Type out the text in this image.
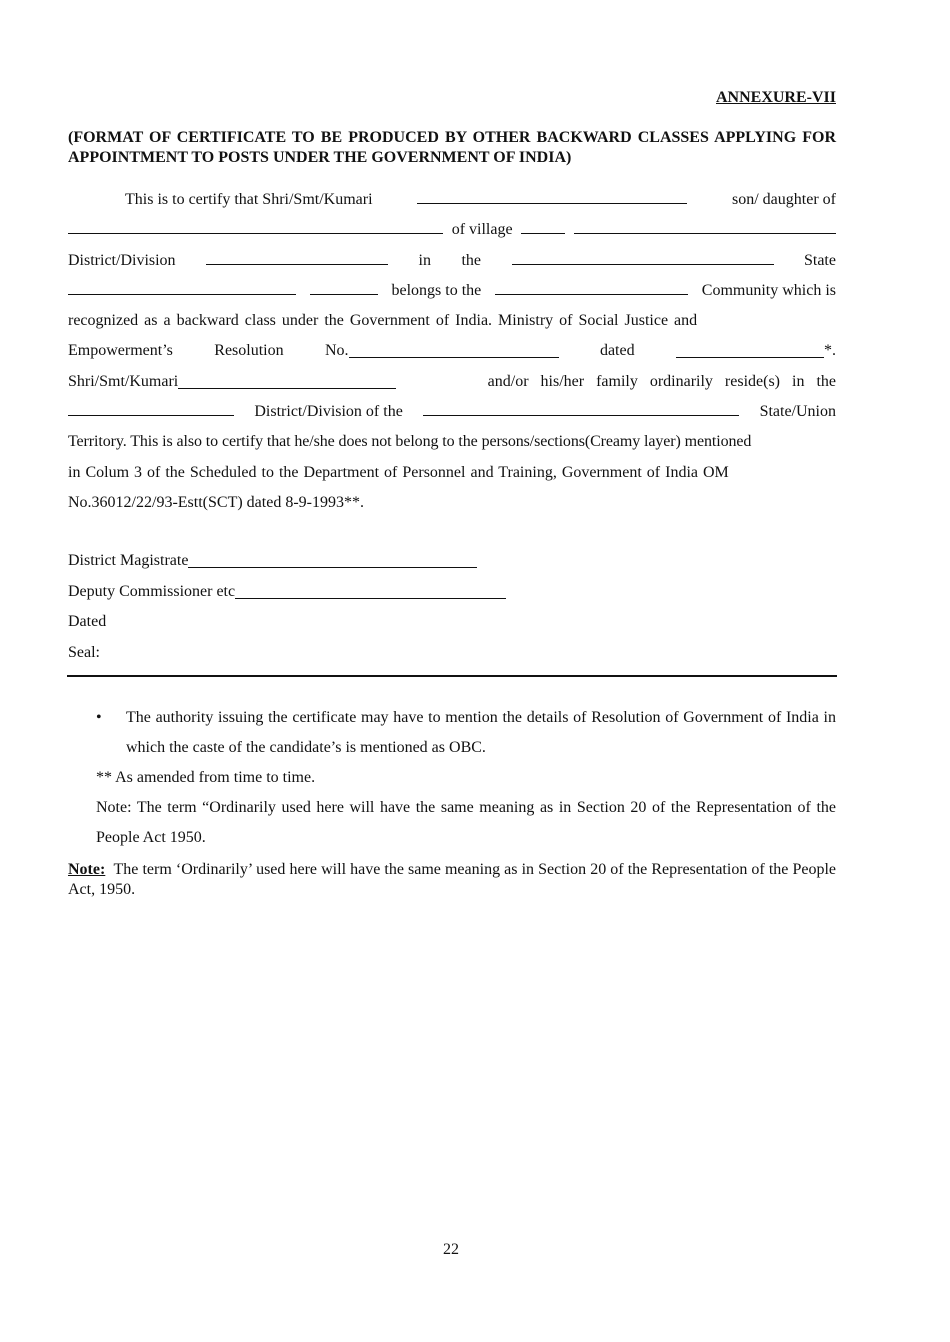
ANNEXURE-VII
(FORMAT OF CERTIFICATE TO BE PRODUCED BY OTHER BACKWARD CLASSES APPLYING FOR APPOINTMENT TO POSTS UNDER THE GOVERNMENT OF INDIA)
This is to certify that Shri/Smt/Kumari	son/ daughter of
of village
District/Division	in the	State
belongs to the	Community which is
recognized as a backward class under the Government of India. Ministry of Social Justice and
Empowerment’s	Resolution	No.	dated	*.
Shri/Smt/Kumari	and/or his/her family ordinarily reside(s) in the
District/Division of the	State/Union
Territory. This is also to certify that he/she does not belong to the persons/sections(Creamy layer) mentioned
in Colum 3 of the Scheduled to the Department of Personnel and Training, Government of India OM
No.36012/22/93-Estt(SCT) dated 8-9-1993**.
District Magistrate
Deputy Commissioner etc
Dated
Seal:
• The authority issuing the certificate may have to mention the details of Resolution of Government of India in which the caste of the candidate’s is mentioned as OBC.
** As amended from time to time.
Note: The term “Ordinarily used here will have the same meaning as in Section 20 of the Representation of the People Act 1950.
Note: The term ‘Ordinarily’ used here will have the same meaning as in Section 20 of the Representation of the People Act, 1950.
22
